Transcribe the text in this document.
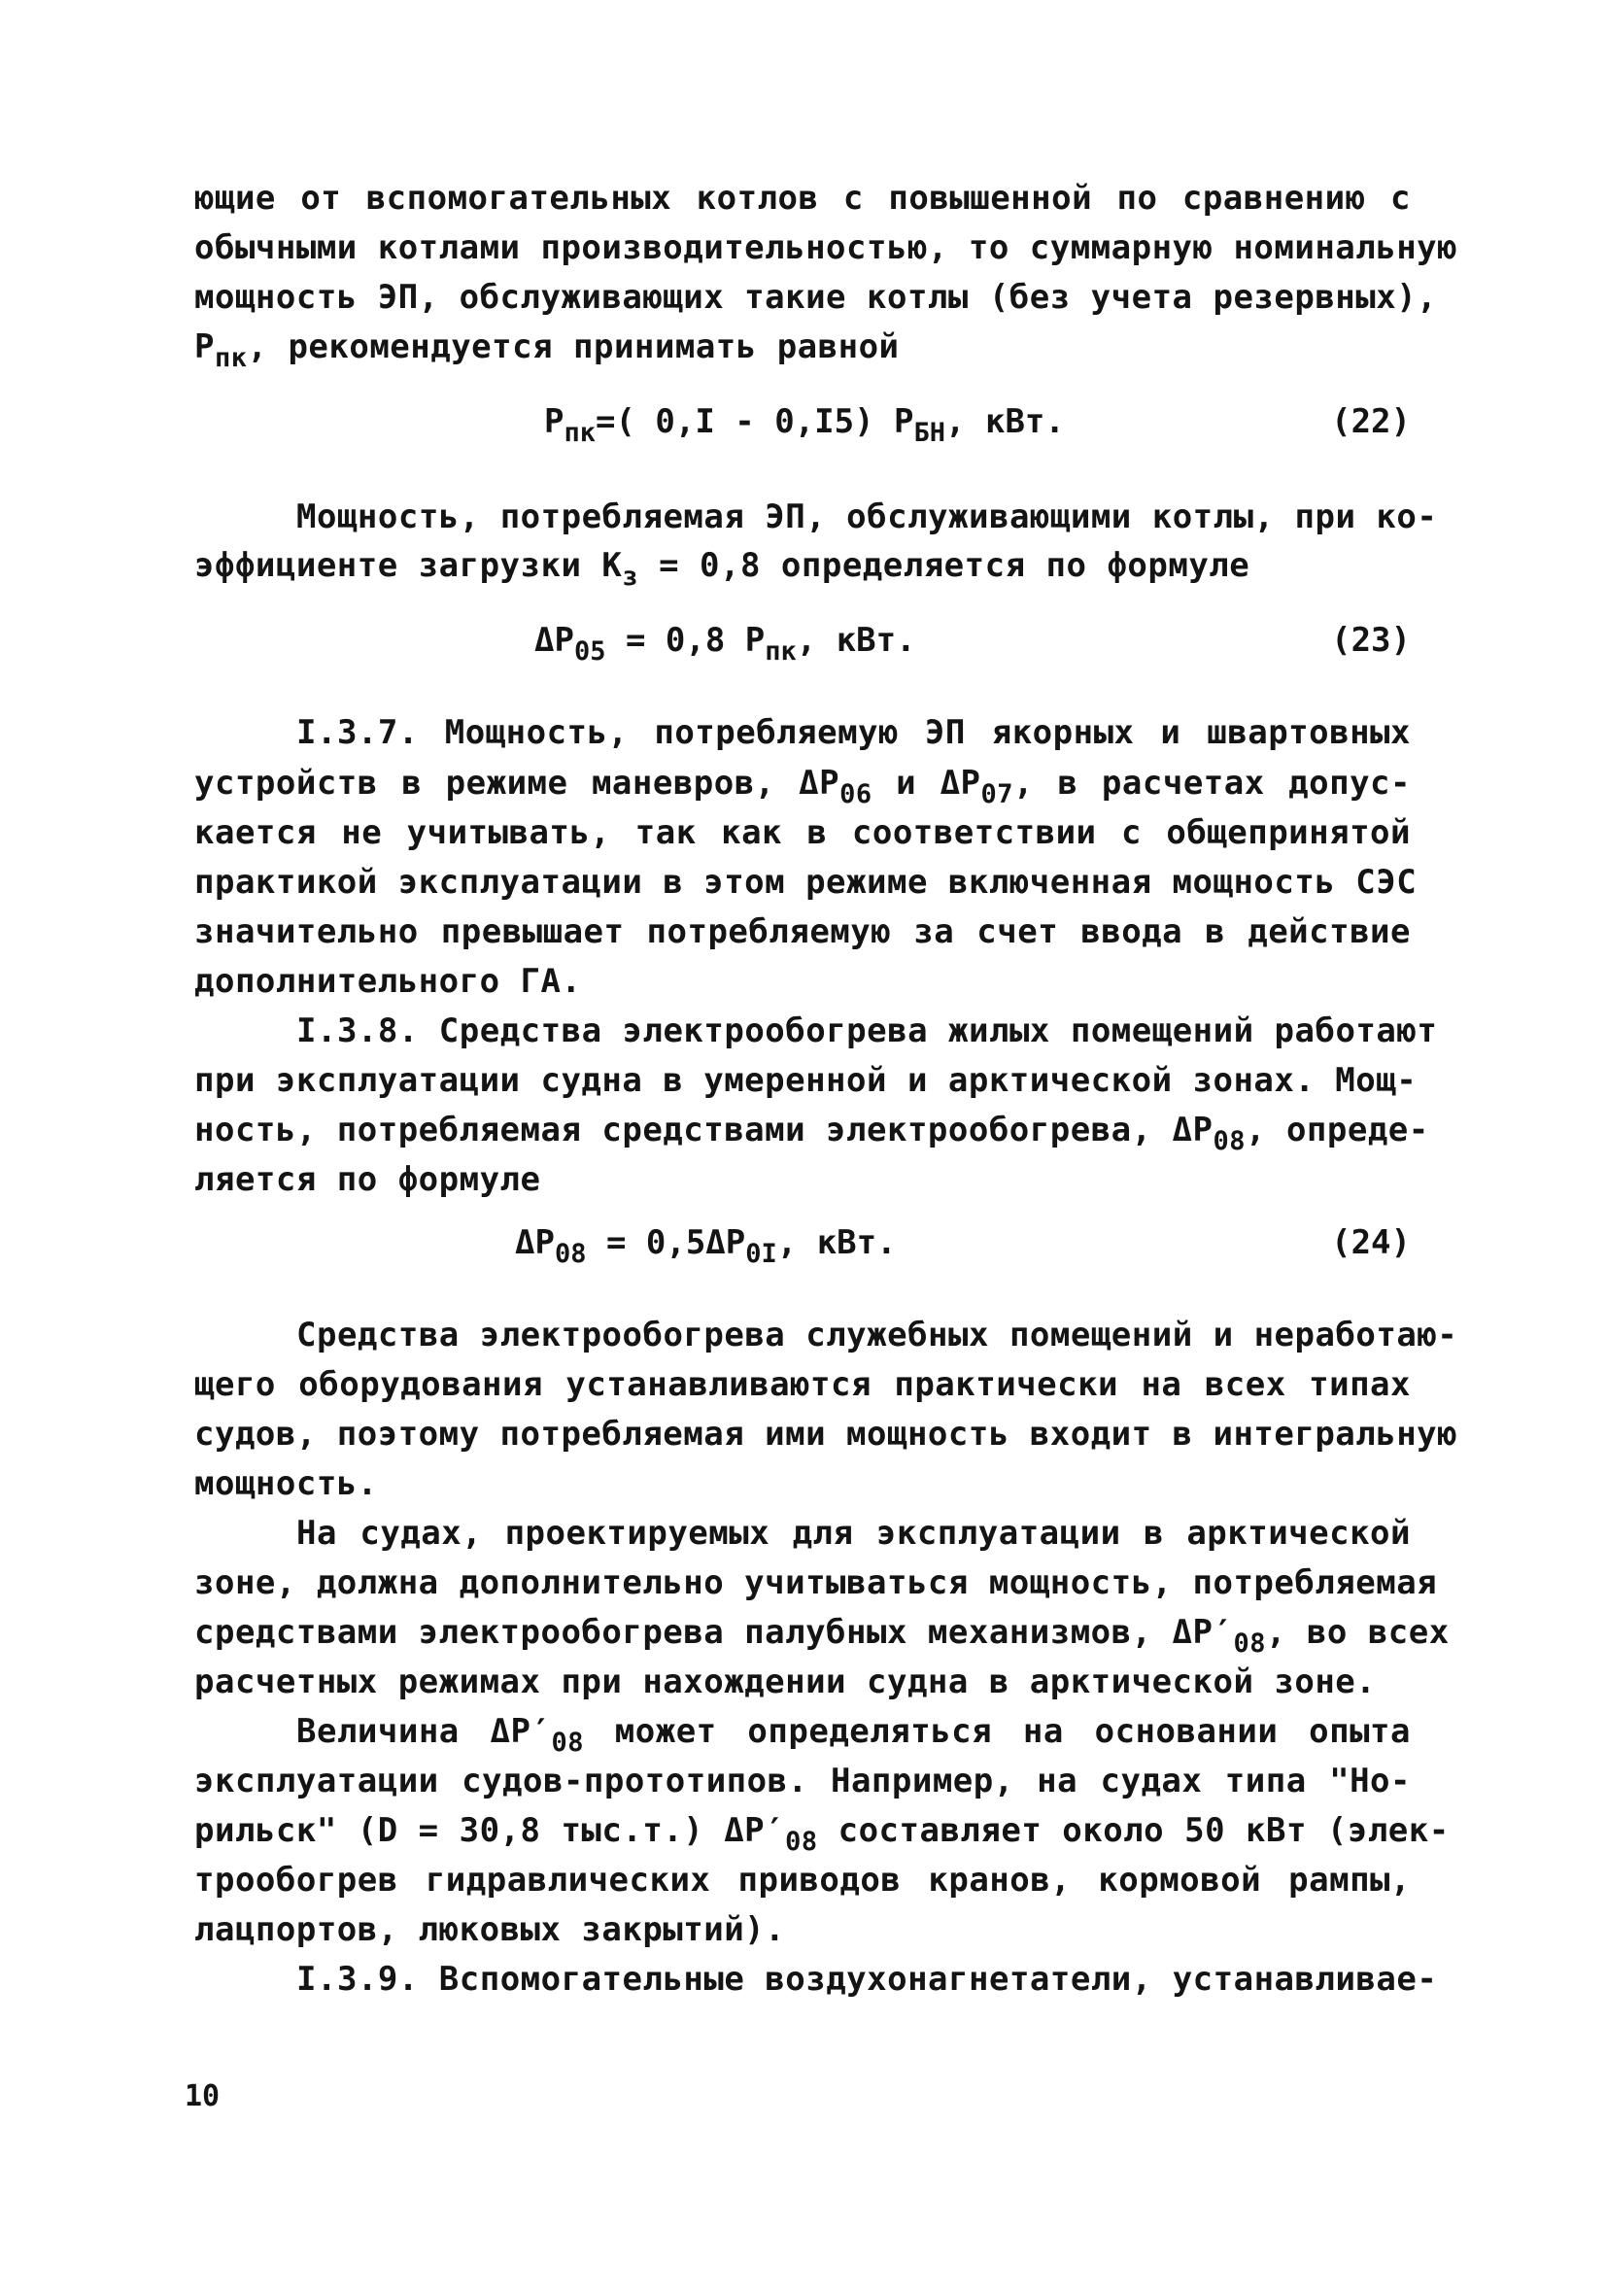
ющие от вспомогательных котлов с повышенной по сравнению с
обычными котлами производительностью, то суммарную номинальную
мощность ЭП, обслуживающих такие котлы (без учета резервных),
$Р_{пк}$, рекомендуется принимать равной
$Р_{пк}=$( 0,I - 0,I5) $Р_{БН}$, кВт.	(22)
Мощность, потребляемая ЭП, обслуживающими котлы, при ко-
эффициенте загрузки $К_з = 0,8$ определяется по формуле
$\Delta Р_{05} = 0,8$ $Р_{пк}$, кВт.	(23)
I.3.7. Мощность, потребляемую ЭП якорных и швартовных
устройств в режиме маневров, $\Delta Р_{06}$ и $\Delta Р_{07}$, в расчетах допус-
кается не учитывать, так как в соответствии с общепринятой
практикой эксплуатации в этом режиме включенная мощность СЭС
значительно превышает потребляемую за счет ввода в действие
дополнительного ГА.
I.3.8. Средства электрообогрева жилых помещений работают
при эксплуатации судна в умеренной и арктической зонах. Мощ-
ность, потребляемая средствами электрообогрева, $\Delta Р_{08}$, опреде-
ляется по формуле
$\Delta Р_{08} = 0,5\Delta Р_{0I}$, кВт.	(24)
Средства электрообогрева служебных помещений и неработаю-
щего оборудования устанавливаются практически на всех типах
судов, поэтому потребляемая ими мощность входит в интегральную
мощность.
На судах, проектируемых для эксплуатации в арктической
зоне, должна дополнительно учитываться мощность, потребляемая
средствами электрообогрева палубных механизмов, $\Delta Р'_{08}$, во всех
расчетных режимах при нахождении судна в арктической зоне.
Величина $\Delta Р'_{08}$ может определяться на основании опыта
эксплуатации судов-прототипов. Например, на судах типа "Но-
рильск" (D = 30,8 тыс.т.) $\Delta Р'_{08}$ составляет около 50 кВт (элек-
трообогрев гидравлических приводов кранов, кормовой рампы,
лацпортов, люковых закрытий).
I.3.9. Вспомогательные воздухонагнетатели, устанавливае-
10
